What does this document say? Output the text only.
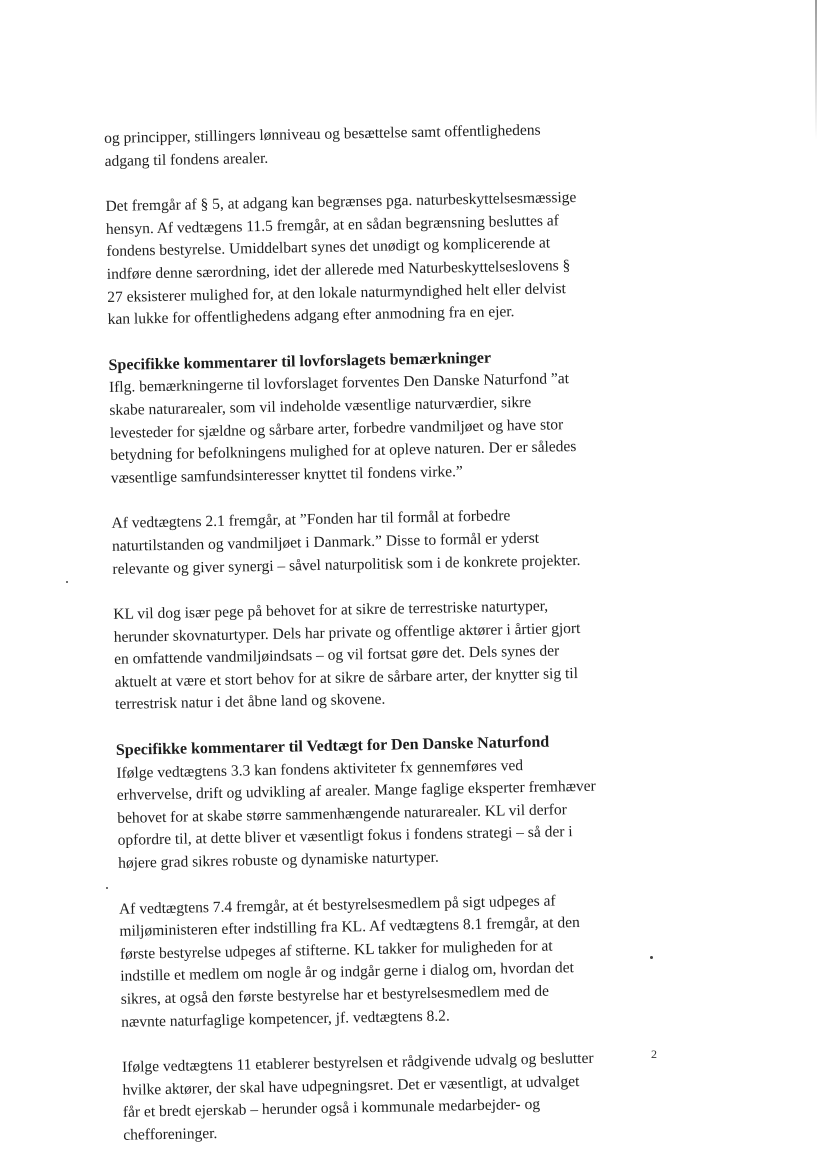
og principper, stillingers lønniveau og besættelse samt offentlighedens
adgang til fondens arealer.
Det fremgår af § 5, at adgang kan begrænses pga. naturbeskyttelsesmæssige
hensyn. Af vedtægens 11.5 fremgår, at en sådan begrænsning besluttes af
fondens bestyrelse. Umiddelbart synes det unødigt og komplicerende at
indføre denne særordning, idet der allerede med Naturbeskyttelseslovens §
27 eksisterer mulighed for, at den lokale naturmyndighed helt eller delvist
kan lukke for offentlighedens adgang efter anmodning fra en ejer.
Specifikke kommentarer til lovforslagets bemærkninger
Iflg. bemærkningerne til lovforslaget forventes Den Danske Naturfond ”at
skabe naturarealer, som vil indeholde væsentlige naturværdier, sikre
levesteder for sjældne og sårbare arter, forbedre vandmiljøet og have stor
betydning for befolkningens mulighed for at opleve naturen. Der er således
væsentlige samfundsinteresser knyttet til fondens virke.”
Af vedtægtens 2.1 fremgår, at ”Fonden har til formål at forbedre
naturtilstanden og vandmiljøet i Danmark.” Disse to formål er yderst
relevante og giver synergi – såvel naturpolitisk som i de konkrete projekter.
KL vil dog især pege på behovet for at sikre de terrestriske naturtyper,
herunder skovnaturtyper. Dels har private og offentlige aktører i årtier gjort
en omfattende vandmiljøindsats – og vil fortsat gøre det. Dels synes der
aktuelt at være et stort behov for at sikre de sårbare arter, der knytter sig til
terrestrisk natur i det åbne land og skovene.
Specifikke kommentarer til Vedtægt for Den Danske Naturfond
Ifølge vedtægtens 3.3 kan fondens aktiviteter fx gennemføres ved
erhvervelse, drift og udvikling af arealer. Mange faglige eksperter fremhæver
behovet for at skabe større sammenhængende naturarealer. KL vil derfor
opfordre til, at dette bliver et væsentligt fokus i fondens strategi – så der i
højere grad sikres robuste og dynamiske naturtyper.
Af vedtægtens 7.4 fremgår, at ét bestyrelsesmedlem på sigt udpeges af
miljøministeren efter indstilling fra KL. Af vedtægtens 8.1 fremgår, at den
første bestyrelse udpeges af stifterne. KL takker for muligheden for at
indstille et medlem om nogle år og indgår gerne i dialog om, hvordan det
sikres, at også den første bestyrelse har et bestyrelsesmedlem med de
nævnte naturfaglige kompetencer, jf. vedtægtens 8.2.
Ifølge vedtægtens 11 etablerer bestyrelsen et rådgivende udvalg og beslutter
hvilke aktører, der skal have udpegningsret. Det er væsentligt, at udvalget
får et bredt ejerskab – herunder også i kommunale medarbejder- og
chefforeninger.
2
